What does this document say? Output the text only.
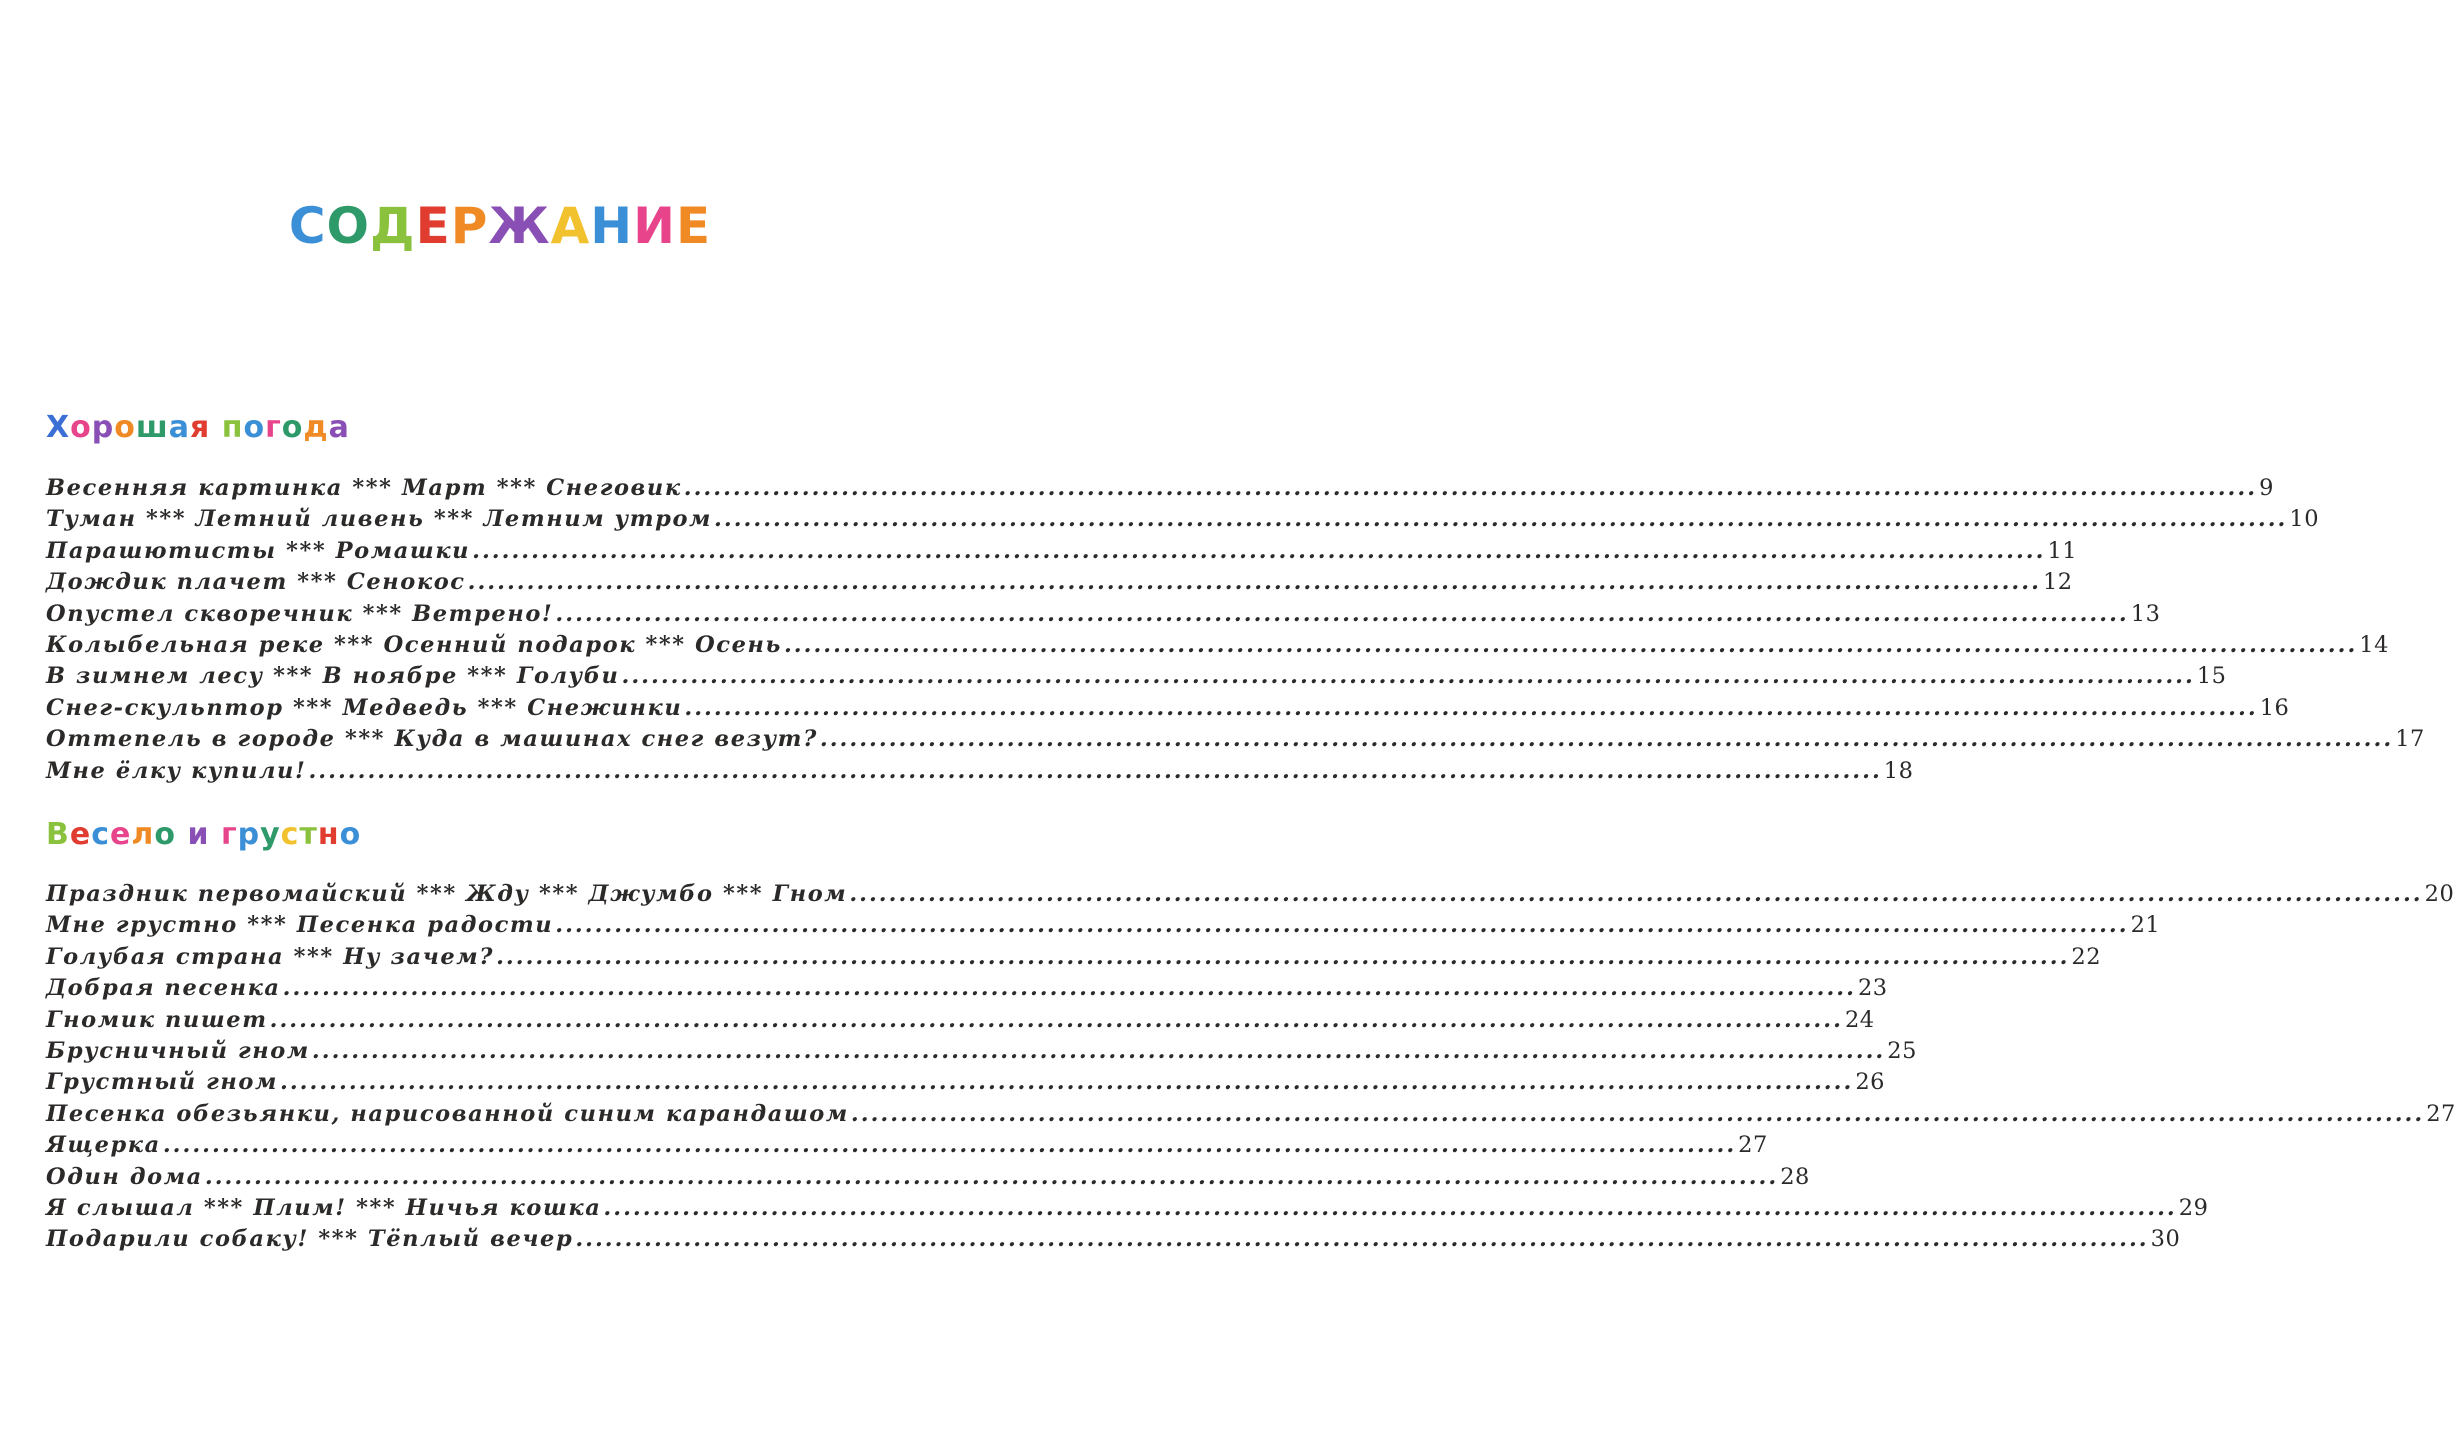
СОДЕРЖАНИЕ
Хорошая погода
Весенняя картинка *** Март *** Снеговик .....	9
Туман *** Летний ливень *** Летним утром .....	10
Парашютисты *** Ромашки .....	11
Дождик плачет *** Сенокос .....	12
Опустел скворечник *** Ветрено! .....	13
Колыбельная реке *** Осенний подарок *** Осень .....	14
В зимнем лесу *** В ноябре *** Голуби .....	15
Снег-скульптор *** Медведь *** Снежинки .....	16
Оттепель в городе *** Куда в машинах снег везут? .....	17
Мне ёлку купили! .....	18
Весело и грустно
Праздник первомайский *** Жду *** Джумбо *** Гном .....	20
Мне грустно *** Песенка радости .....	21
Голубая страна *** Ну зачем? .....	22
Добрая песенка .....	23
Гномик пишет .....	24
Брусничный гном .....	25
Грустный гном .....	26
Песенка обезьянки, нарисованной синим карандашом .....	27
Ящерка .....	27
Один дома .....	28
Я слышал *** Плим! *** Ничья кошка .....	29
Подарили собаку! *** Тёплый вечер .....	30
